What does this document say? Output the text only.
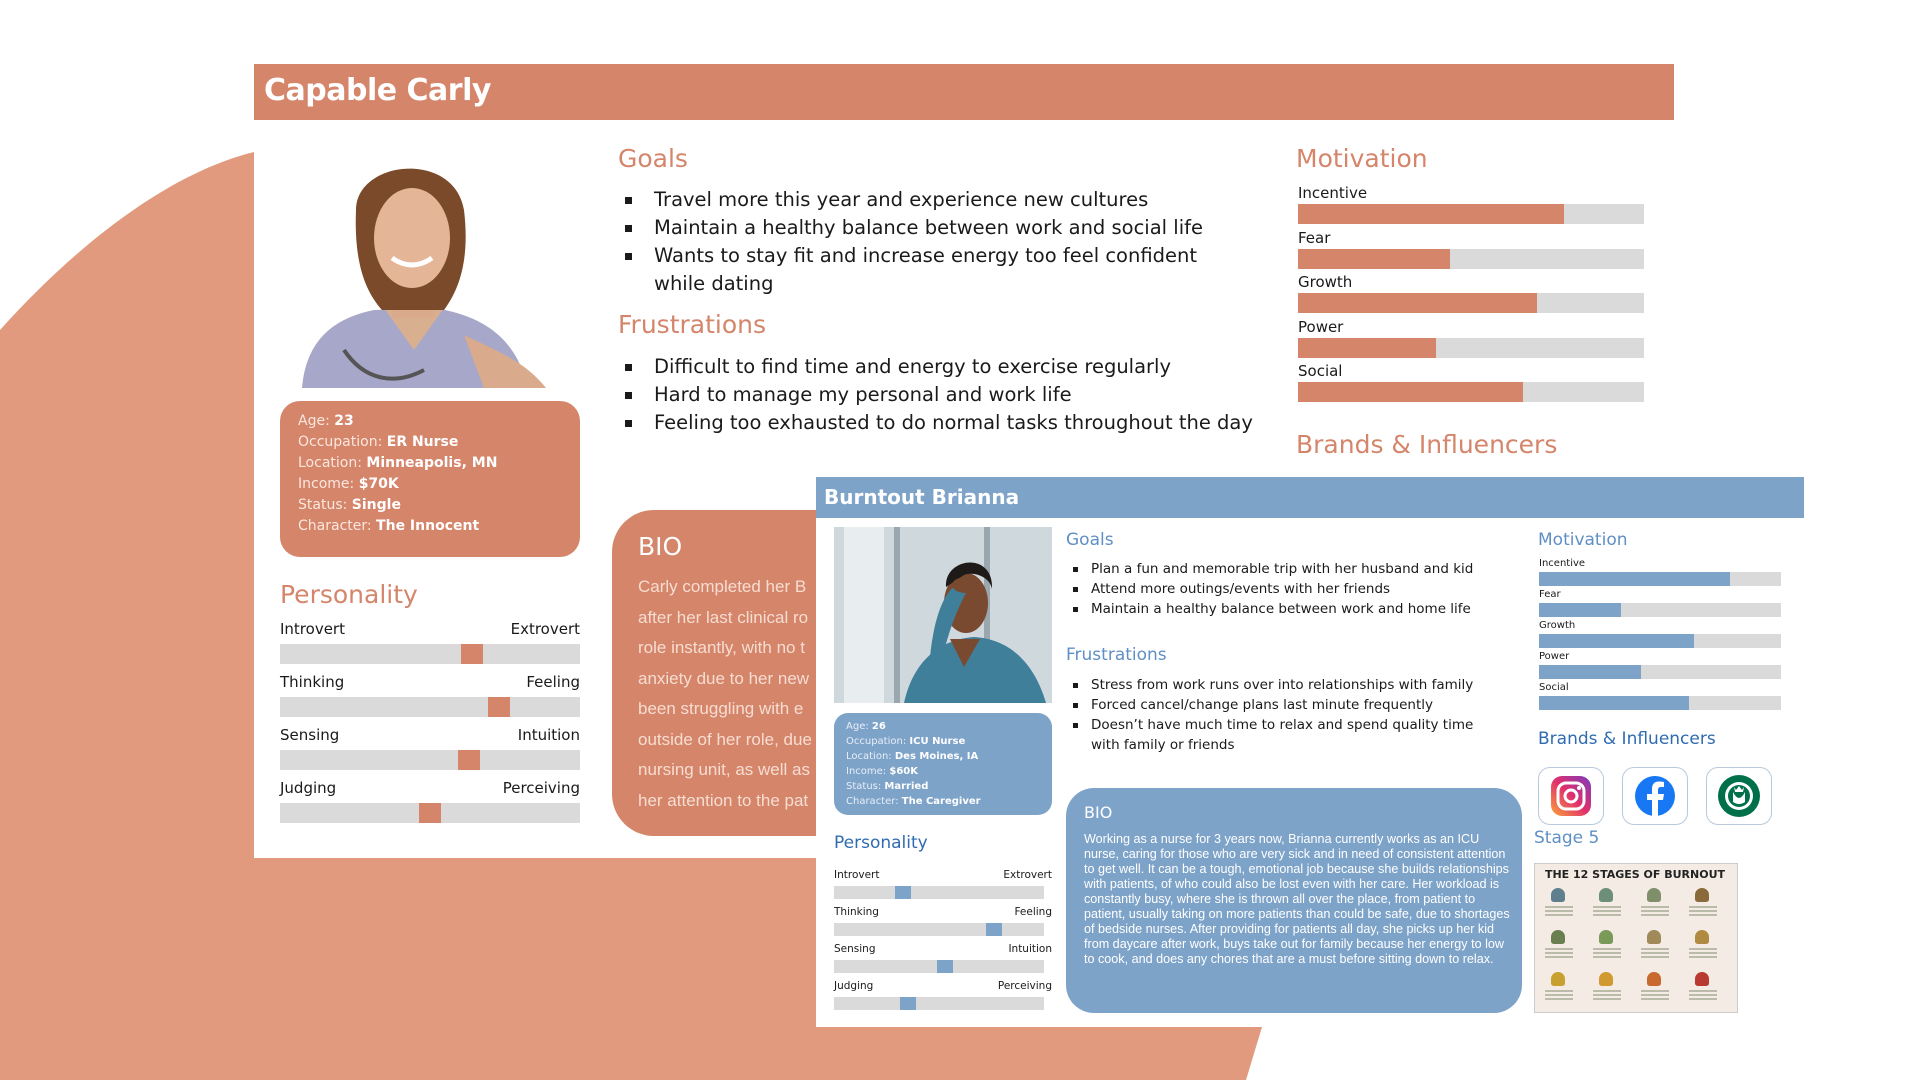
Capable Carly
Age: 23
Occupation: ER Nurse
Location: Minneapolis, MN
Income: $70K
Status: Single
Character: The Innocent
Personality
Introvert	Extrovert
Thinking	Feeling
Sensing	Intuition
Judging	Perceiving
Goals
Travel more this year and experience new cultures
Maintain a healthy balance between work and social life
Wants to stay fit and increase energy too feel confident while dating
Frustrations
Difficult to find time and energy to exercise regularly
Hard to manage my personal and work life
Feeling too exhausted to do normal tasks throughout the day
Motivation
Incentive
Fear
Growth
Power
Social
Brands & Influencers
BIO
Carly completed her B
after her last clinical ro
role instantly, with no t
anxiety due to her new
been struggling with e
outside of her role, due
nursing unit, as well as
her attention to the pat
Burntout Brianna
Age: 26
Occupation: ICU Nurse
Location: Des Moines, IA
Income: $60K
Status: Married
Character: The Caregiver
Personality
Introvert	Extrovert
Thinking	Feeling
Sensing	Intuition
Judging	Perceiving
Goals
Plan a fun and memorable trip with her husband and kid
Attend more outings/events with her friends
Maintain a healthy balance between work and home life
Frustrations
Stress from work runs over into relationships with family
Forced cancel/change plans last minute frequently
Doesn’t have much time to relax and spend quality time with family or friends
BIO
Working as a nurse for 3 years now, Brianna currently works as an ICU nurse, caring for those who are very sick and in need of consistent attention to get well. It can be a tough, emotional job because she builds relationships with patients, of who could also be lost even with her care. Her workload is constantly busy, where she is thrown all over the place, from patient to patient, usually taking on more patients than could be safe, due to shortages of bedside nurses. After providing for patients all day, she picks up her kid from daycare after work, buys take out for family because her energy to low to cook, and does any chores that are a must before sitting down to relax.
Motivation
Incentive
Fear
Growth
Power
Social
Brands & Influencers
Stage 5
THE 12 STAGES OF BURNOUT
